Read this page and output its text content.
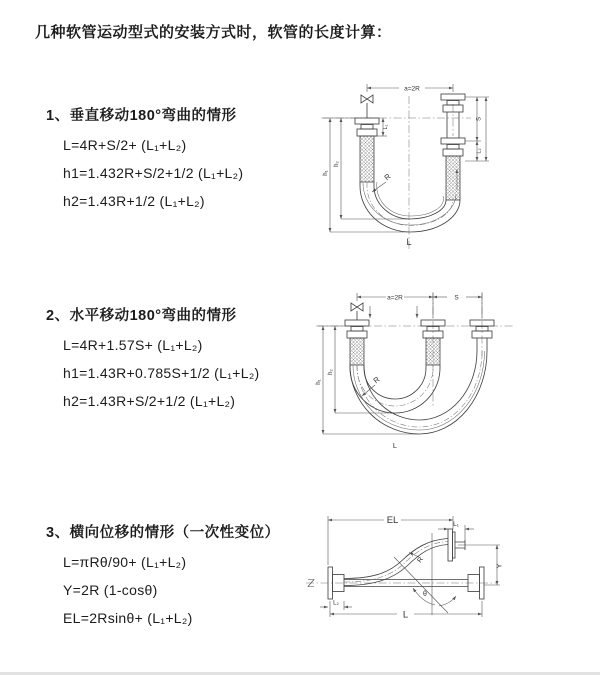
几种软管运动型式的安装方式时，软管的长度计算：
1、垂直移动180°弯曲的情形
L=4R+S/2+ (L₁+L₂)
h1=1.432R+S/2+1/2 (L₁+L₂)
h2=1.43R+1/2 (L₁+L₂)
2、水平移动180°弯曲的情形
L=4R+1.57S+ (L₁+L₂)
h1=1.43R+0.785S+1/2 (L₁+L₂)
h2=1.43R+S/2+1/2 (L₁+L₂)
3、横向位移的情形（一次性变位）
L=πRθ/90+ (L₁+L₂)
Y=2R (1-cosθ)
EL=2Rsinθ+ (L₁+L₂)
a=2R
S
L₂
L₁
h₁
h₂
R
L
a=2R	S
h₁
h₂
R
L
EL	L₁
Y
R
θ
L
L₂
